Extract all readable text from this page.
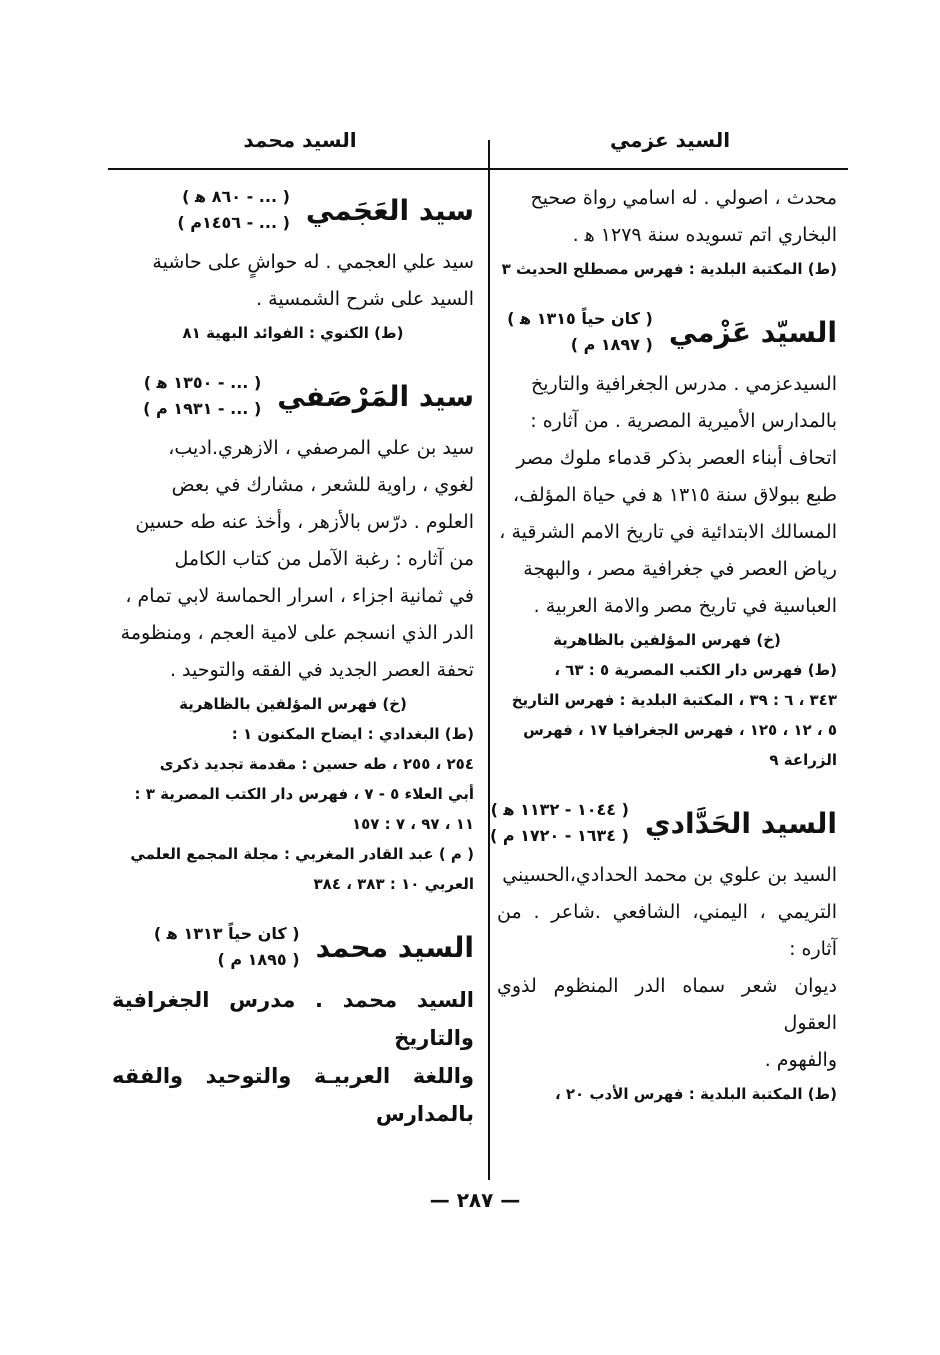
السيد عزمي
السيد محمد

محدث ، اصولي . له اسامي رواة صحيح

البخاري اتم تسويده سنة ١٢٧٩ ﻫ .

(ط) المكتبة البلدية : فهرس مصطلح الحديث ٣

السيّد عَزْمي
( كان حياً ١٣١٥ ﻫ )
( ١٨٩٧ م )

السيدعزمي . مدرس الجغرافية والتاريخ

بالمدارس الأميرية المصرية . من آثاره :

اتحاف أبناء العصر بذكر قدماء ملوك مصر

طبع ببولاق سنة ١٣١٥ ﻫ في حياة المؤلف،

المسالك الابتدائية في تاريخ الامم الشرقية ،

رياض العصر في جغرافية مصر ، والبهجة

العباسية في تاريخ مصر والامة العربية .

(خ) فهرس المؤلفين بالظاهرية

(ط) فهرس دار الكتب المصرية ٥ : ٦٣ ،

٣٤٣ ، ٦ : ٣٩ ، المكتبة البلدية : فهرس التاريخ

٥ ، ١٢ ، ١٢٥ ، فهرس الجغرافيا ١٧ ، فهرس

الزراعة ٩

السيد الحَدَّادي
( ١٠٤٤ - ١١٣٢ ﻫ )
( ١٦٣٤ - ١٧٢٠ م )

السيد بن علوي بن محمد الحدادي،الحسيني

التريمي ، اليمني، الشافعي .شاعر . من آثاره :

ديوان شعر سماه الدر المنظوم لذوي العقول

والفهوم .

(ط) المكتبة البلدية : فهرس الأدب ٢٠ ،

سيد العَجَمي
( ... - ٨٦٠ ﻫ )
( ... - ١٤٥٦م )

سيد علي العجمي . له حواشٍ على حاشية

السيد على شرح الشمسية .

(ط) الكنوي : الفوائد البهية ٨١

سيد المَرْصَفي
( ... - ١٣٥٠ ﻫ )
( ... - ١٩٣١ م )

سيد بن علي المرصفي ، الازهري.اديب،

لغوي ، راوية للشعر ، مشارك في بعض

العلوم . درّس بالأزهر ، وأخذ عنه طه حسين

من آثاره : رغبة الآمل من كتاب الكامل

في ثمانية اجزاء ، اسرار الحماسة لابي تمام ،

الدر الذي انسجم على لامية العجم ، ومنظومة

تحفة العصر الجديد في الفقه والتوحيد .

(خ) فهرس المؤلفين بالظاهرية

(ط) البغدادي : ايضاح المكنون ١ :

٢٥٤ ، ٢٥٥ ، طه حسين : مقدمة تجديد ذكرى

أبي العلاء ٥ - ٧ ، فهرس دار الكتب المصرية ٣ :

١١ ، ٩٧ ، ٧ : ١٥٧

( م ) عبد القادر المغربي : مجلة المجمع العلمي

العربي ١٠ : ٣٨٣ ، ٣٨٤

السيد محمد
( كان حياً ١٣١٣ ﻫ )
( ١٨٩٥ م )

السيد محمد . مدرس الجغرافية والتاريخ

واللغة العربيـة والتوحيد والفقه بالمدارس

— ٢٨٧ —
